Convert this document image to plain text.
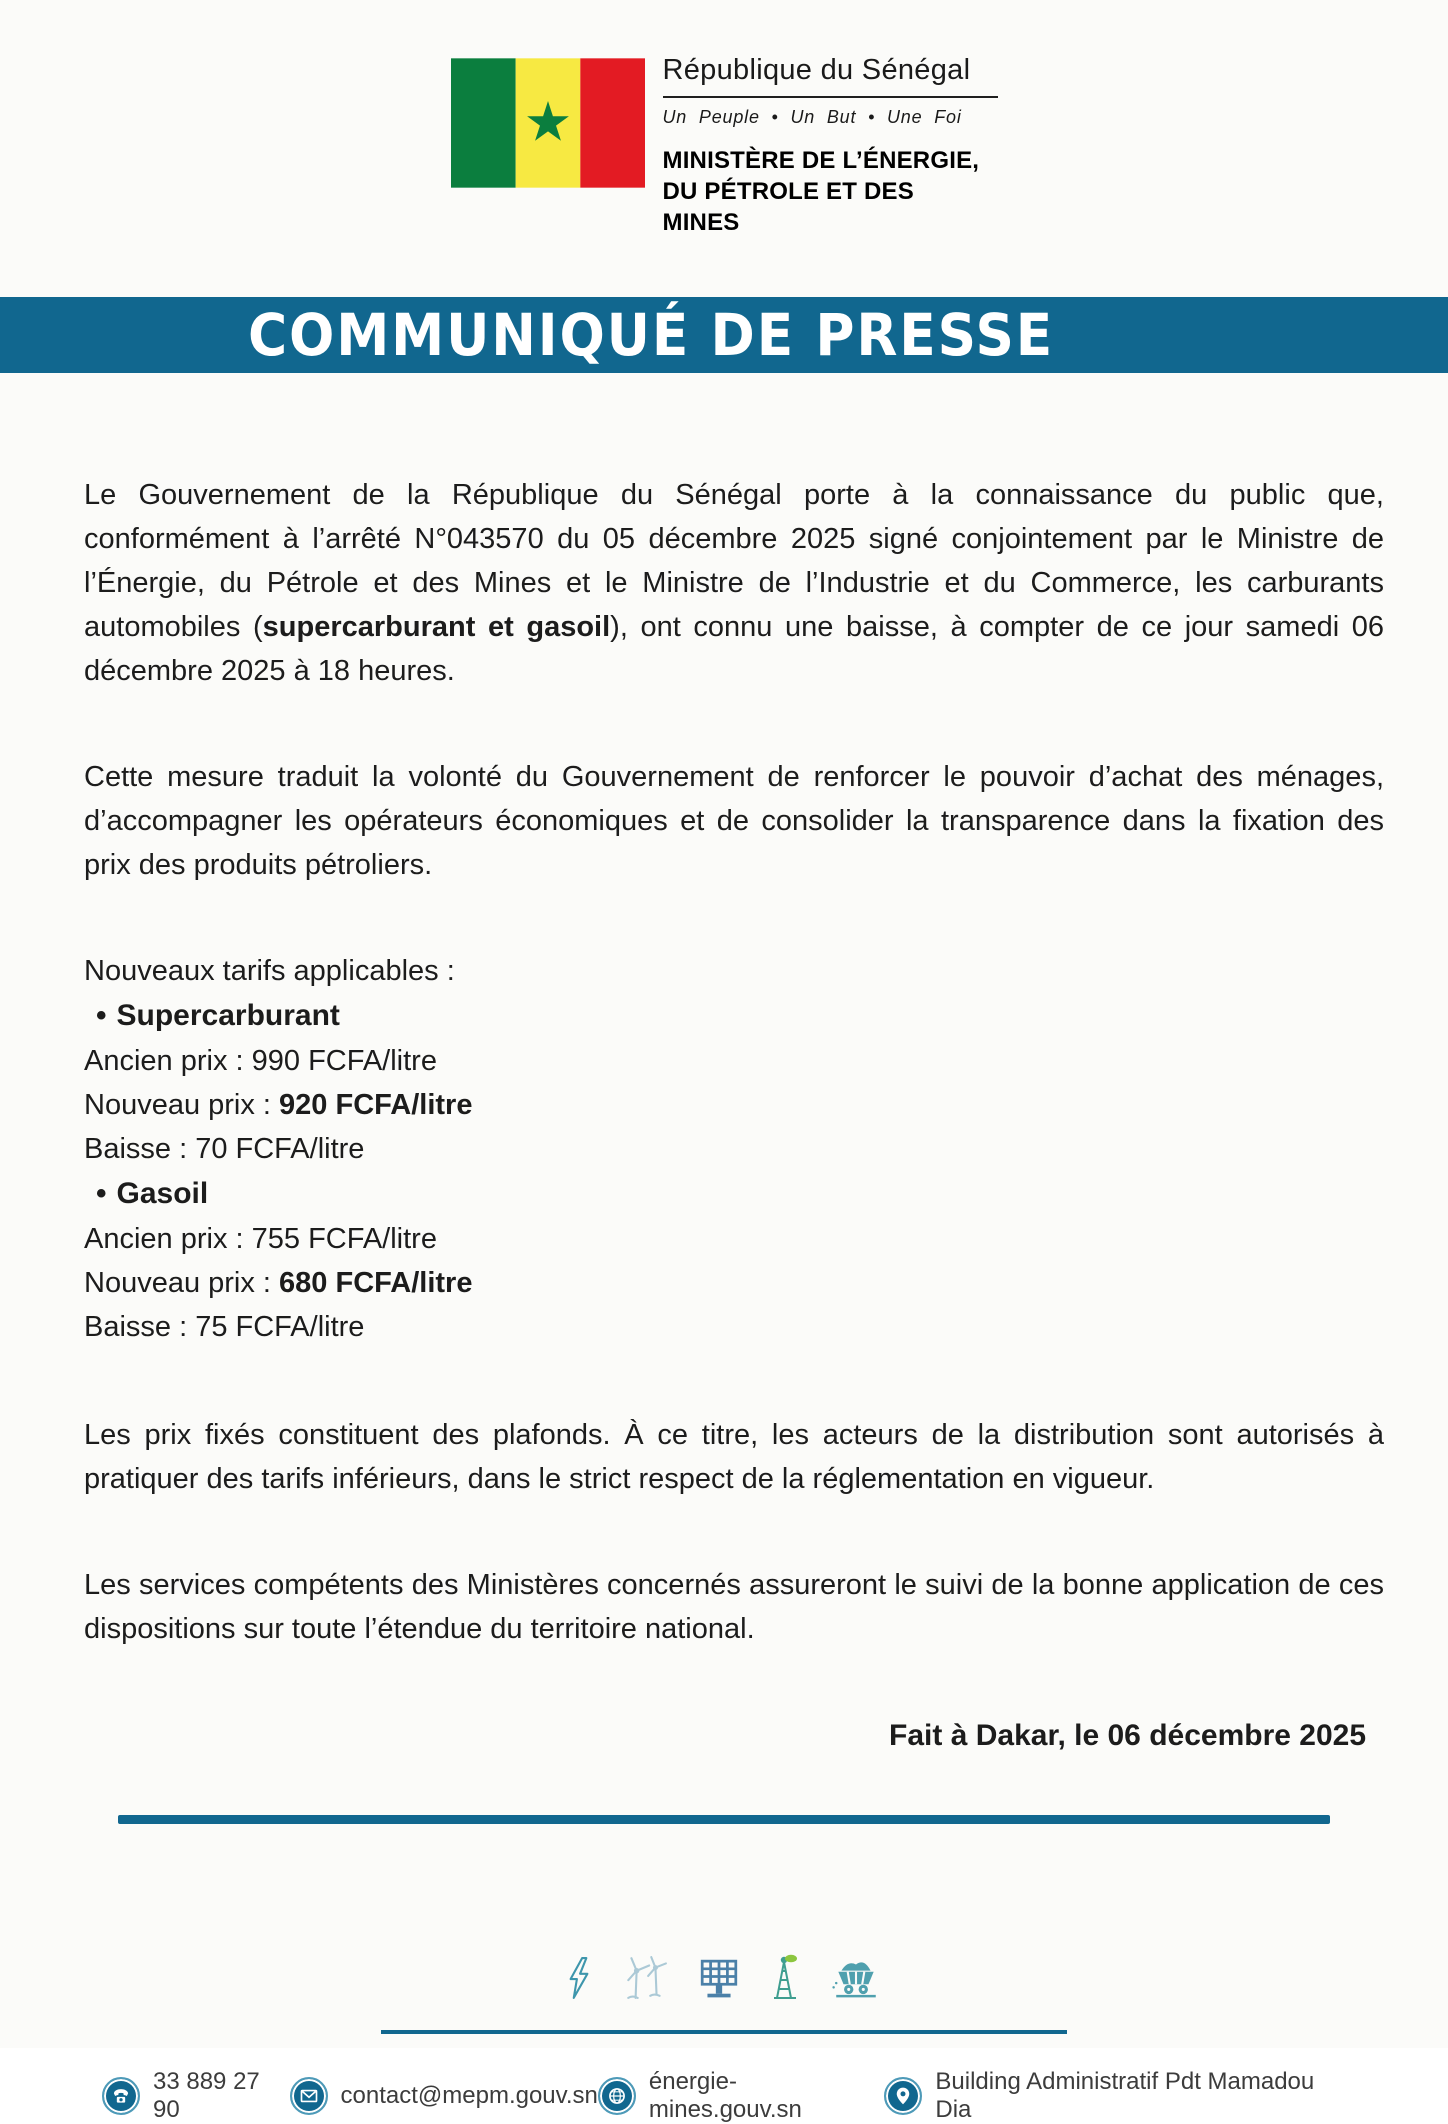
République du Sénégal
Un Peuple • Un But • Une Foi
MINISTÈRE DE L’ÉNERGIE,
DU PÉTROLE ET DES MINES
COMMUNIQUÉ DE PRESSE

Le Gouvernement de la République du Sénégal porte à la connaissance du public que, conformément à l’arrêté N°043570 du 05 décembre 2025 signé conjointement par le Ministre de l’Énergie, du Pétrole et des Mines et le Ministre de l’Industrie et du Commerce, les carburants automobiles (supercarburant et gasoil), ont connu une baisse, à compter de ce jour samedi 06 décembre 2025 à 18 heures.

Cette mesure traduit la volonté du Gouvernement de renforcer le pouvoir d’achat des ménages, d’accompagner les opérateurs économiques et de consolider la transparence dans la fixation des prix des produits pétroliers.

Nouveaux tarifs applicables :

• Supercarburant

Ancien prix : 990 FCFA/litre

Nouveau prix : 920 FCFA/litre

Baisse : 70 FCFA/litre

• Gasoil

Ancien prix : 755 FCFA/litre

Nouveau prix : 680 FCFA/litre

Baisse : 75 FCFA/litre

Les prix fixés constituent des plafonds. À ce titre, les acteurs de la distribution sont autorisés à pratiquer des tarifs inférieurs, dans le strict respect de la réglementation en vigueur.

Les services compétents des Ministères concernés assureront le suivi de la bonne application de ces dispositions sur toute l’étendue du territoire national.

Fait à Dakar, le 06 décembre 2025

33 889 27 90
contact@mepm.gouv.sn
énergie-mines.gouv.sn
Building Administratif Pdt Mamadou Dia
